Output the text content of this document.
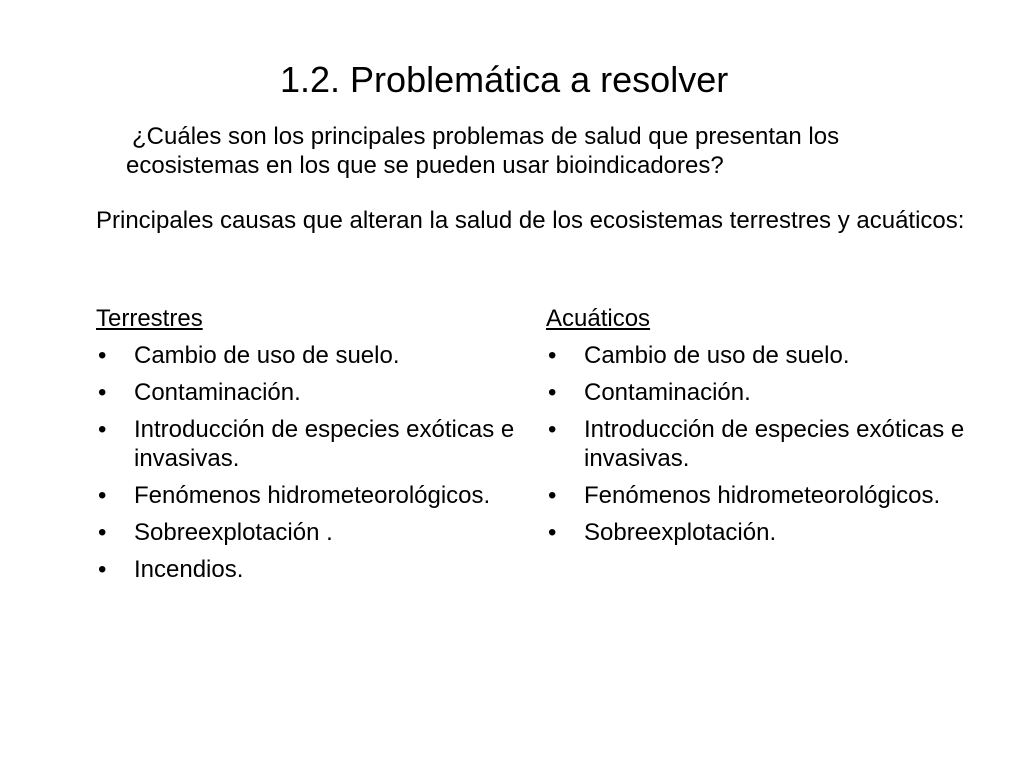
1.2. Problemática a resolver
¿Cuáles son los principales problemas de salud que presentan los ecosistemas en los que se pueden usar bioindicadores?
Principales causas que alteran la salud de los ecosistemas terrestres y acuáticos:
Terrestres
• Cambio de uso de suelo.
• Contaminación.
• Introducción de especies exóticas e invasivas.
• Fenómenos hidrometeorológicos.
• Sobreexplotación .
• Incendios.
Acuáticos
• Cambio de uso de suelo.
• Contaminación.
• Introducción de especies exóticas e invasivas.
• Fenómenos hidrometeorológicos.
• Sobreexplotación.
